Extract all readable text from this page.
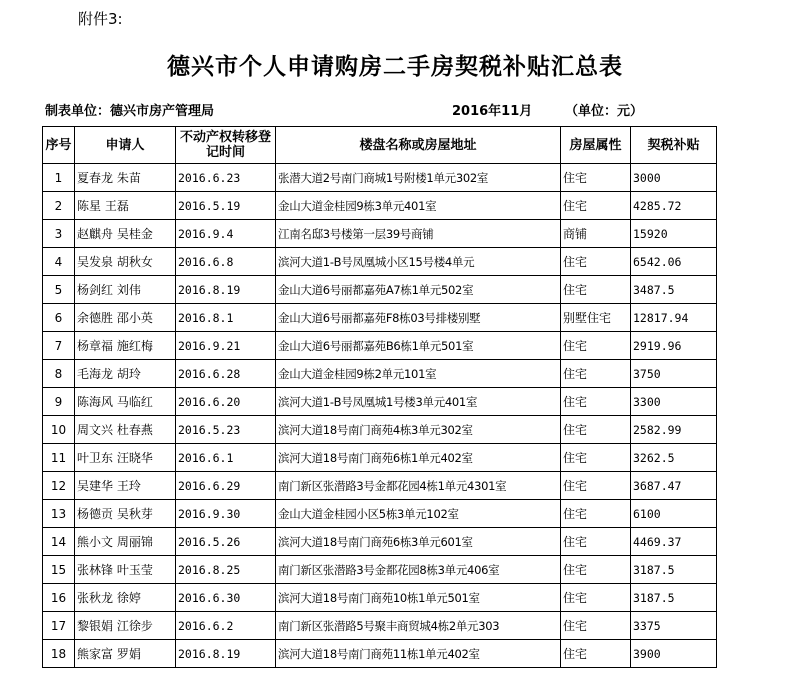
附件3:
德兴市个人申请购房二手房契税补贴汇总表
制表单位：德兴市房产管理局	2016年11月	（单位：元）
序号	申请人	不动产权转移登记时间	楼盘名称或房屋地址	房屋属性	契税补贴
1	夏春龙 朱苗	2016.6.23	张潜大道2号南门商城1号附楼1单元302室	住宅	3000
2	陈星 王磊	2016.5.19	金山大道金桂园9栋3单元401室	住宅	4285.72
3	赵麒舟 吴桂金	2016.9.4	江南名邸3号楼第一层39号商铺	商铺	15920
4	吴发泉 胡秋女	2016.6.8	滨河大道1-B号凤凰城小区15号楼4单元	住宅	6542.06
5	杨剑红 刘伟	2016.8.19	金山大道6号丽都嘉苑A7栋1单元502室	住宅	3487.5
6	余德胜 邵小英	2016.8.1	金山大道6号丽都嘉苑F8栋03号排楼别墅	别墅住宅	12817.94
7	杨章福 施红梅	2016.9.21	金山大道6号丽都嘉苑B6栋1单元501室	住宅	2919.96
8	毛海龙 胡玲	2016.6.28	金山大道金桂园9栋2单元101室	住宅	3750
9	陈海风 马临红	2016.6.20	滨河大道1-B号凤凰城1号楼3单元401室	住宅	3300
10	周文兴 杜春燕	2016.5.23	滨河大道18号南门商苑4栋3单元302室	住宅	2582.99
11	叶卫东 汪晓华	2016.6.1	滨河大道18号南门商苑6栋1单元402室	住宅	3262.5
12	吴建华 王玲	2016.6.29	南门新区张潜路3号金都花园4栋1单元4301室	住宅	3687.47
13	杨德贡 吴秋芽	2016.9.30	金山大道金桂园小区5栋3单元102室	住宅	6100
14	熊小文 周丽锦	2016.5.26	滨河大道18号南门商苑6栋3单元601室	住宅	4469.37
15	张林锋 叶玉莹	2016.8.25	南门新区张潜路3号金都花园8栋3单元406室	住宅	3187.5
16	张秋龙 徐婷	2016.6.30	滨河大道18号南门商苑10栋1单元501室	住宅	3187.5
17	黎银娟 江徐步	2016.6.2	南门新区张潜路5号聚丰商贸城4栋2单元303	住宅	3375
18	熊家富 罗娟	2016.8.19	滨河大道18号南门商苑11栋1单元402室	住宅	3900
